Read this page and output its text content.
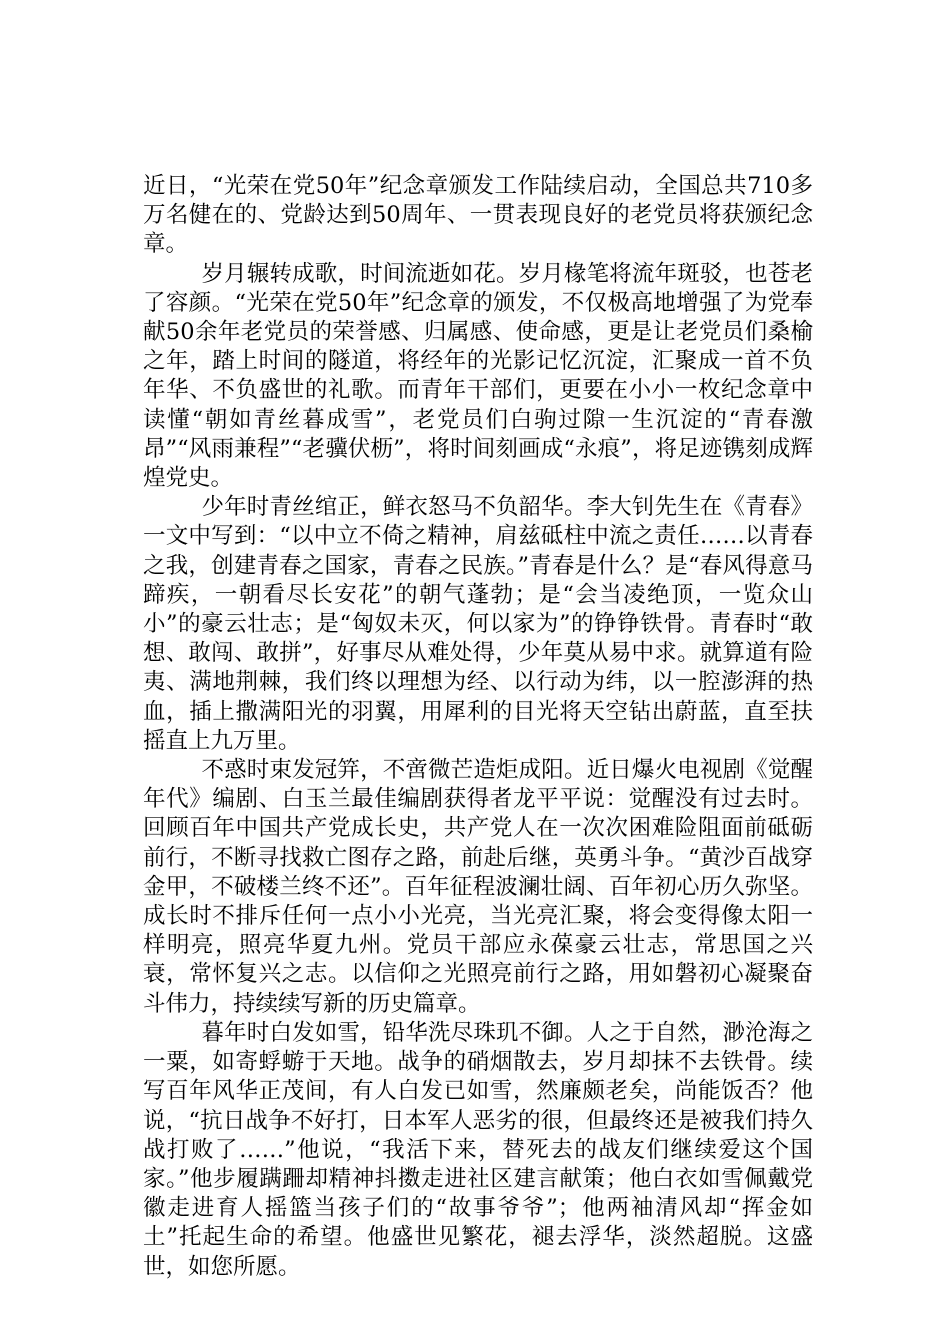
近日，“光荣在党50年”纪念章颁发工作陆续启动，全国总共710多万名健在的、党龄达到50周年、一贯表现良好的老党员将获颁纪念章。

岁月辗转成歌，时间流逝如花。岁月椽笔将流年斑驳，也苍老了容颜。“光荣在党50年”纪念章的颁发，不仅极高地增强了为党奉献50余年老党员的荣誉感、归属感、使命感，更是让老党员们桑榆之年，踏上时间的隧道，将经年的光影记忆沉淀，汇聚成一首不负年华、不负盛世的礼歌。而青年干部们，更要在小小一枚纪念章中读懂“朝如青丝暮成雪”，老党员们白驹过隙一生沉淀的“青春激昂”“风雨兼程”“老骥伏枥”，将时间刻画成“永痕”，将足迹镌刻成辉煌党史。

少年时青丝绾正，鲜衣怒马不负韶华。李大钊先生在《青春》一文中写到：“以中立不倚之精神，肩兹砥柱中流之责任……以青春之我，创建青春之国家，青春之民族。”青春是什么？是“春风得意马蹄疾，一朝看尽长安花”的朝气蓬勃；是“会当凌绝顶，一览众山小”的豪云壮志；是“匈奴未灭，何以家为”的铮铮铁骨。青春时“敢想、敢闯、敢拼”，好事尽从难处得，少年莫从易中求。就算道有险夷、满地荆棘，我们终以理想为经、以行动为纬，以一腔澎湃的热血，插上撒满阳光的羽翼，用犀利的目光将天空钻出蔚蓝，直至扶摇直上九万里。

不惑时束发冠笄，不啻微芒造炬成阳。近日爆火电视剧《觉醒年代》编剧、白玉兰最佳编剧获得者龙平平说：觉醒没有过去时。回顾百年中国共产党成长史，共产党人在一次次困难险阻面前砥砺前行，不断寻找救亡图存之路，前赴后继，英勇斗争。“黄沙百战穿金甲，不破楼兰终不还”。百年征程波澜壮阔、百年初心历久弥坚。成长时不排斥任何一点小小光亮，当光亮汇聚，将会变得像太阳一样明亮，照亮华夏九州。党员干部应永葆豪云壮志，常思国之兴衰，常怀复兴之志。以信仰之光照亮前行之路，用如磐初心凝聚奋斗伟力，持续续写新的历史篇章。

暮年时白发如雪，铅华洗尽珠玑不御。人之于自然，渺沧海之一粟，如寄蜉蝣于天地。战争的硝烟散去，岁月却抹不去铁骨。续写百年风华正茂间，有人白发已如雪，然廉颇老矣，尚能饭否？他说，“抗日战争不好打，日本军人恶劣的很，但最终还是被我们持久战打败了……”他说，“我活下来，替死去的战友们继续爱这个国家。”他步履蹒跚却精神抖擞走进社区建言献策；他白衣如雪佩戴党徽走进育人摇篮当孩子们的“故事爷爷”；他两袖清风却“挥金如土”托起生命的希望。他盛世见繁花，褪去浮华，淡然超脱。这盛世，如您所愿。
